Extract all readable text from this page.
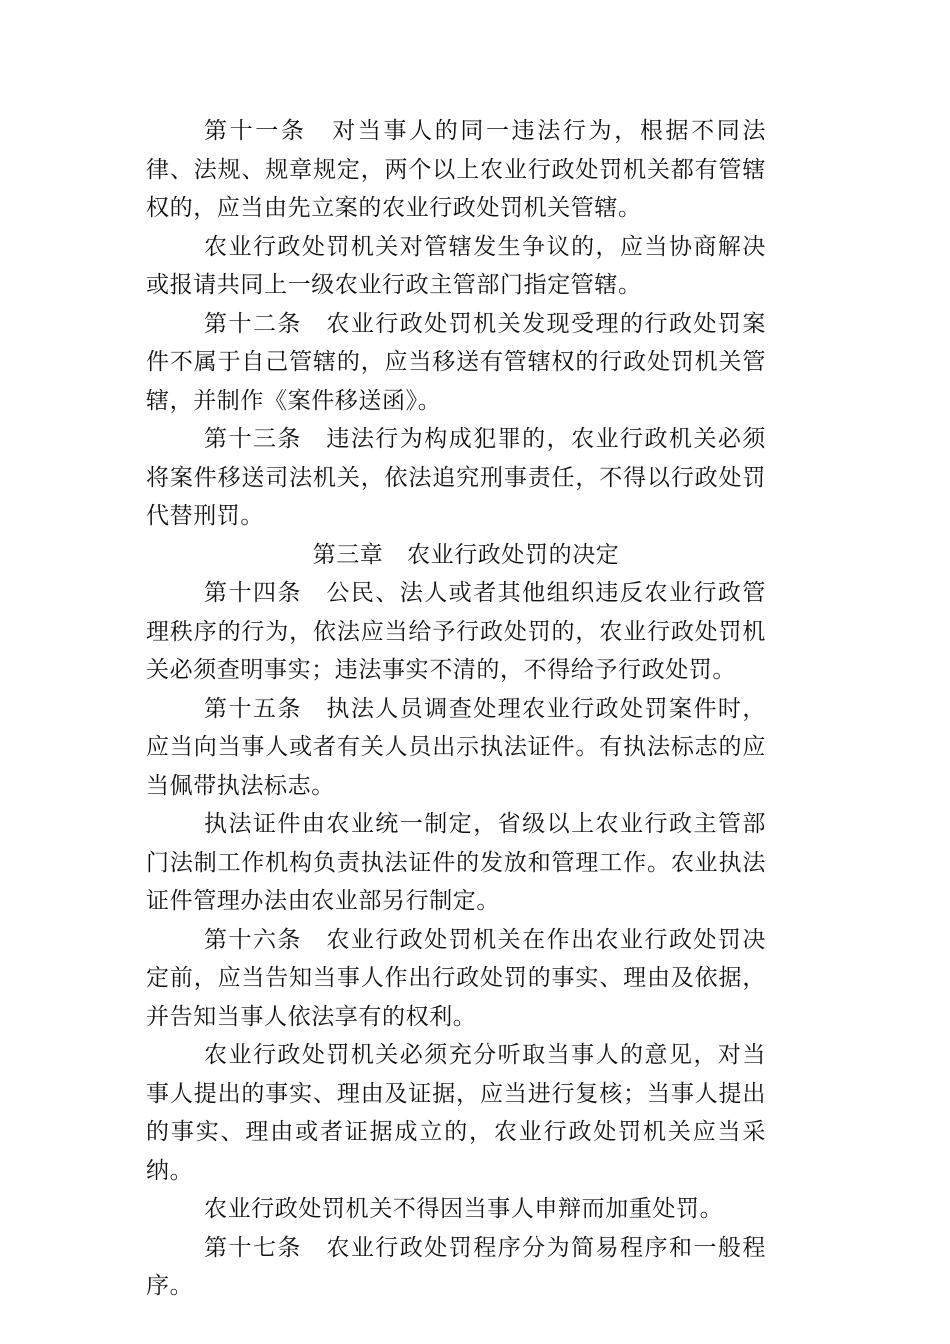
第十一条　对当事人的同一违法行为，根据不同法律、法规、规章规定，两个以上农业行政处罚机关都有管辖权的，应当由先立案的农业行政处罚机关管辖。

农业行政处罚机关对管辖发生争议的，应当协商解决或报请共同上一级农业行政主管部门指定管辖。

第十二条　农业行政处罚机关发现受理的行政处罚案件不属于自己管辖的，应当移送有管辖权的行政处罚机关管辖，并制作《案件移送函》。

第十三条　违法行为构成犯罪的，农业行政机关必须将案件移送司法机关，依法追究刑事责任，不得以行政处罚代替刑罚。

第三章　农业行政处罚的决定

第十四条　公民、法人或者其他组织违反农业行政管理秩序的行为，依法应当给予行政处罚的，农业行政处罚机关必须查明事实；违法事实不清的，不得给予行政处罚。

第十五条　执法人员调查处理农业行政处罚案件时，应当向当事人或者有关人员出示执法证件。有执法标志的应当佩带执法标志。

执法证件由农业统一制定，省级以上农业行政主管部门法制工作机构负责执法证件的发放和管理工作。农业执法证件管理办法由农业部另行制定。

第十六条　农业行政处罚机关在作出农业行政处罚决定前，应当告知当事人作出行政处罚的事实、理由及依据，并告知当事人依法享有的权利。

农业行政处罚机关必须充分听取当事人的意见，对当事人提出的事实、理由及证据，应当进行复核；当事人提出的事实、理由或者证据成立的，农业行政处罚机关应当采纳。

农业行政处罚机关不得因当事人申辩而加重处罚。

第十七条　农业行政处罚程序分为简易程序和一般程序。
